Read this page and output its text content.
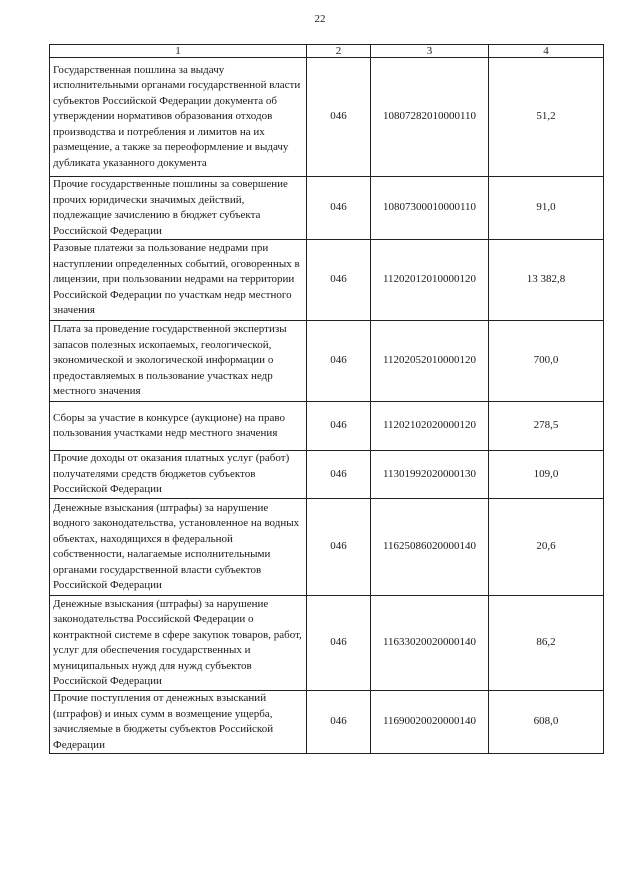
22
1	2	3	4
Государственная пошлина за выдачу исполнительными органами государственной власти субъектов Российской Федерации документа об утверждении нормативов образования отходов производства и потребления и лимитов на их размещение, а также за переоформление и выдачу дубликата указанного документа	046	10807282010000110	51,2
Прочие государственные пошлины за совершение прочих юридически значимых действий, подлежащие зачислению в бюджет субъекта Российской Федерации	046	10807300010000110	91,0
Разовые платежи за пользование недрами при наступлении определенных событий, оговоренных в лицензии, при пользовании недрами на территории Российской Федерации по участкам недр местного значения	046	11202012010000120	13 382,8
Плата за проведение государственной экспертизы запасов полезных ископаемых, геологической, экономической и экологической информации о предоставляемых в пользование участках недр местного значения	046	11202052010000120	700,0
Сборы за участие в конкурсе (аукционе) на право пользования участками недр местного значения	046	11202102020000120	278,5
Прочие доходы от оказания платных услуг (работ) получателями средств бюджетов субъектов Российской Федерации	046	11301992020000130	109,0
Денежные взыскания (штрафы) за нарушение водного законодательства, установленное на водных объектах, находящихся в федеральной собственности, налагаемые исполнительными органами государственной власти субъектов Российской Федерации	046	11625086020000140	20,6
Денежные взыскания (штрафы) за нарушение законодательства Российской Федерации о контрактной системе в сфере закупок товаров, работ, услуг для обеспечения государственных и муниципальных нужд для нужд субъектов Российской Федерации	046	11633020020000140	86,2
Прочие поступления от денежных взысканий (штрафов) и иных сумм в возмещение ущерба, зачисляемые в бюджеты субъектов Российской Федерации	046	11690020020000140	608,0
